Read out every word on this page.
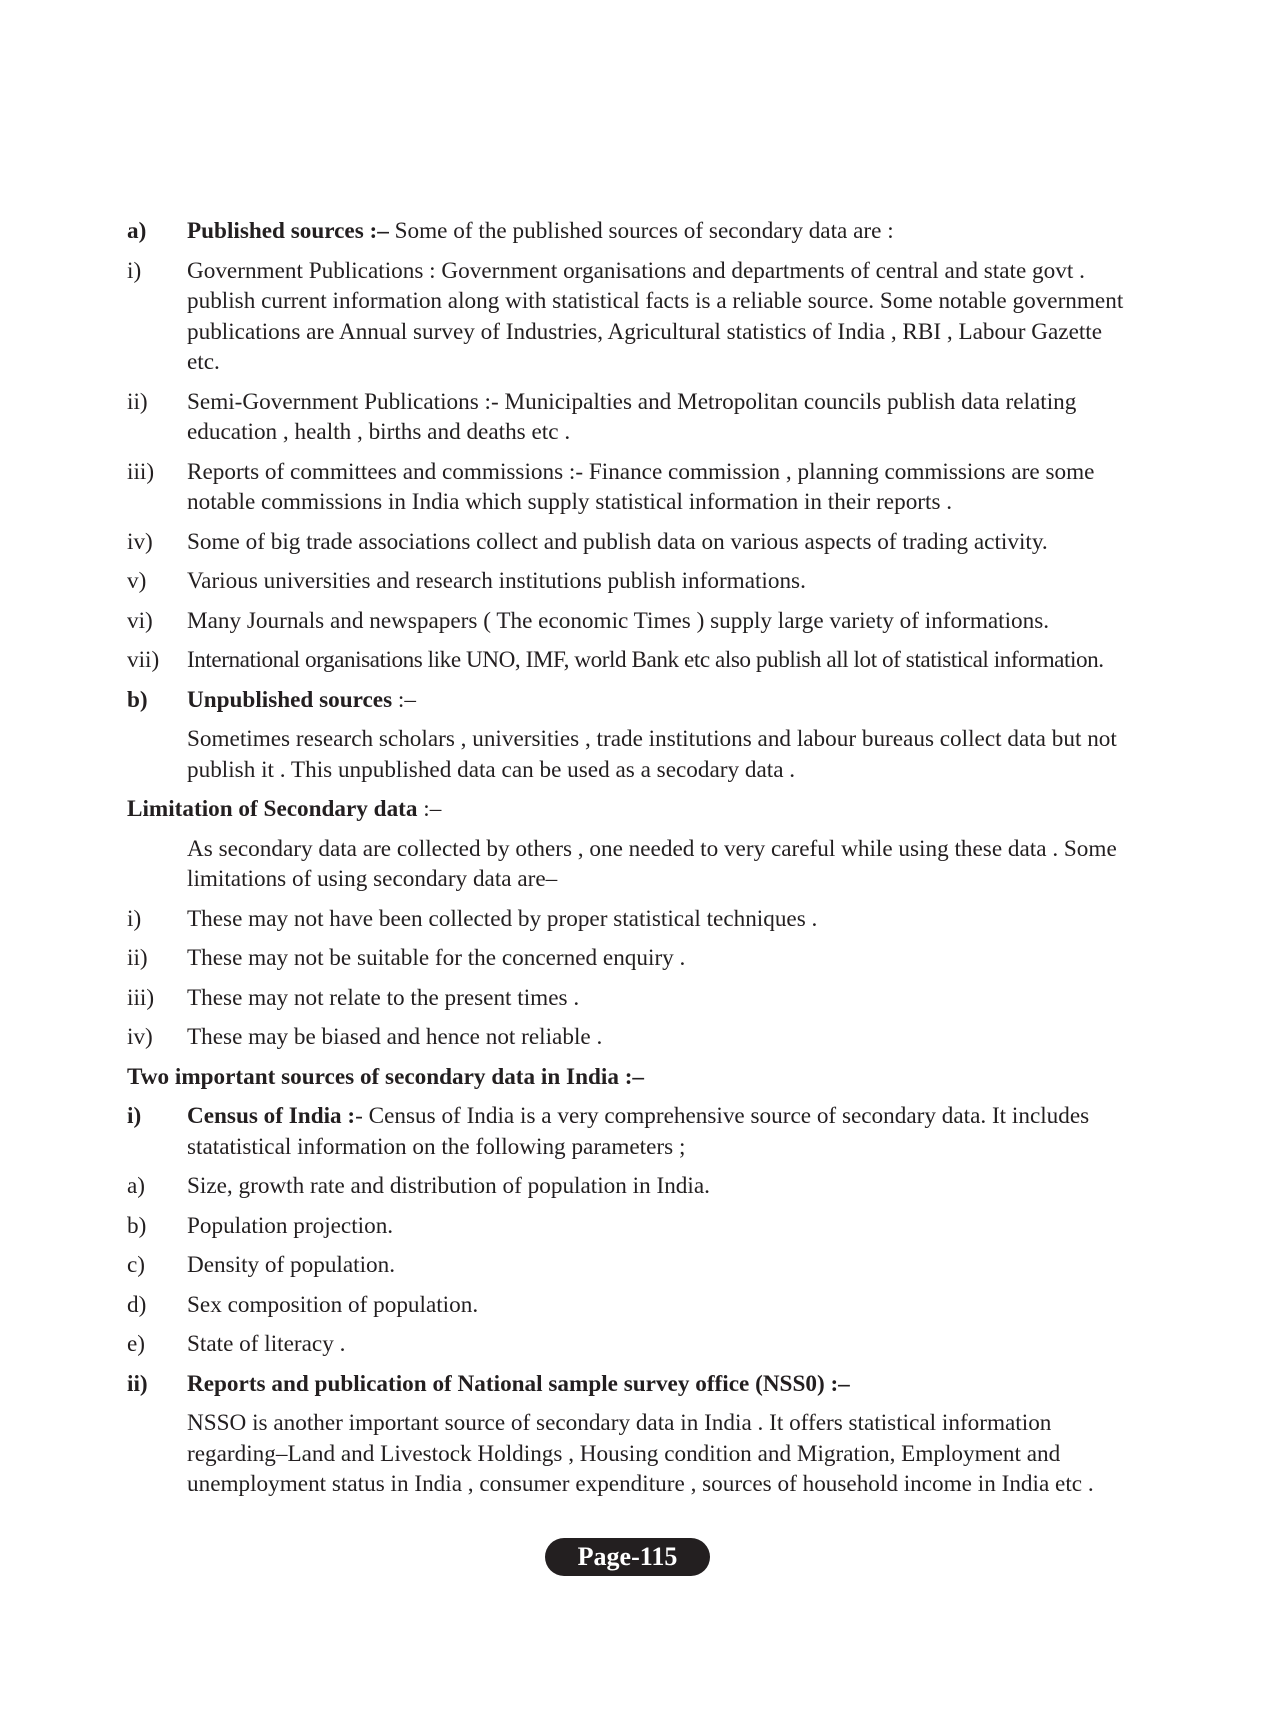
a)	Published sources :– Some of the published sources of secondary data are :
i)	Government Publications : Government organisations and departments of central and state govt . publish current information along with statistical facts is a reliable source. Some notable government publications are Annual survey of Industries, Agricultural statistics of India , RBI , Labour Gazette etc.
ii)	Semi-Government Publications :- Municipalties and Metropolitan councils publish data relating education , health , births and deaths etc .
iii)	Reports of committees and commissions :- Finance commission , planning commissions are some notable commissions in India which supply statistical information in their reports .
iv)	Some of big trade associations collect and publish data on various aspects of trading activity.
v)	Various universities and research institutions publish informations.
vi)	Many Journals and newspapers ( The economic Times ) supply large variety of informations.
vii)	International organisations like UNO, IMF, world Bank etc also publish all lot of statistical information.
b)	Unpublished sources :–
Sometimes research scholars , universities , trade institutions and labour bureaus collect data but not publish it . This unpublished data can be used as a secodary data .
Limitation of Secondary data :–
As secondary data are collected by others , one needed to very careful while using these data . Some limitations of using secondary data are–
i)	These may not have been collected by proper statistical techniques .
ii)	These may not be suitable for the concerned enquiry .
iii)	These may not relate to the present times .
iv)	These may be biased and hence not reliable .
Two important sources of secondary data in India :–
i)	Census of India :- Census of India is a very comprehensive source of secondary data. It includes statatistical information on the following parameters ;
a)	Size, growth rate and distribution of population in India.
b)	Population projection.
c)	Density of population.
d)	Sex composition of population.
e)	State of literacy .
ii)	Reports and publication of National sample survey office (NSS0) :–
NSSO is another important source of secondary data in India . It offers statistical information regarding–Land and Livestock Holdings , Housing condition and Migration, Employment and unemployment status in India , consumer expenditure , sources of household income in India etc .
Page-115
